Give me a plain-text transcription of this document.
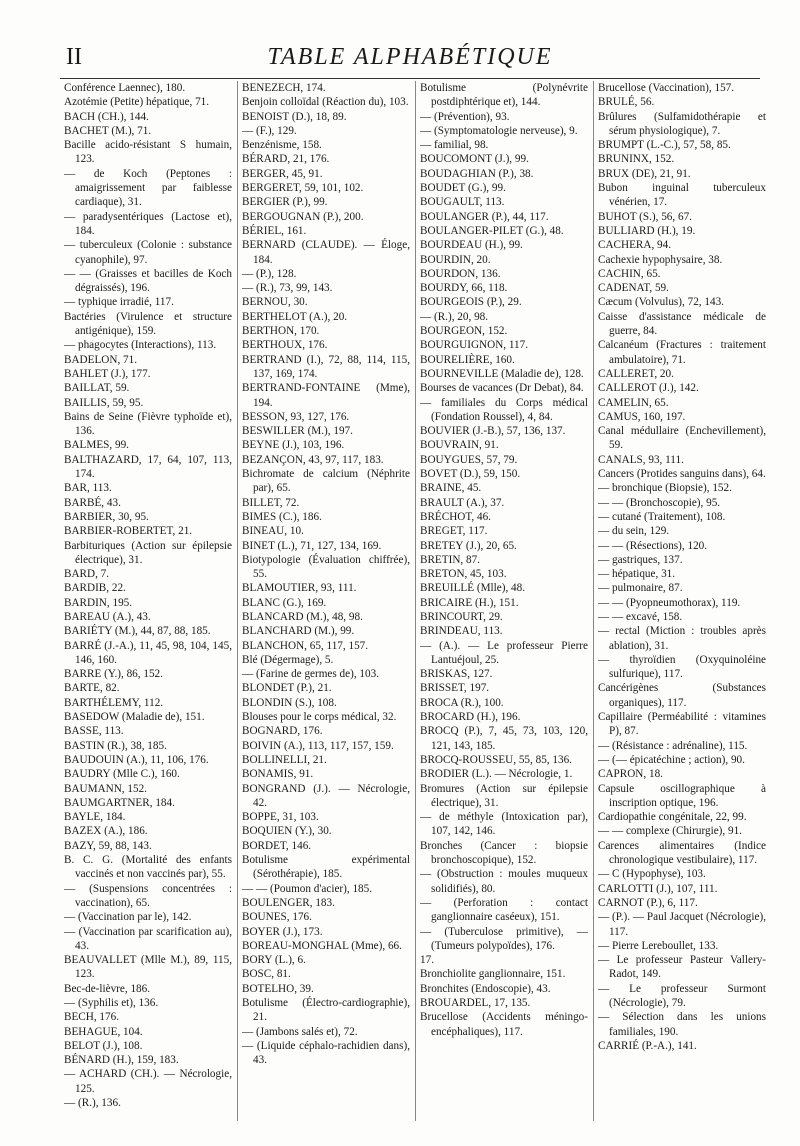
II	TABLE ALPHABÉTIQUE

Conférence Laennec), 180.

Azotémie (Petite) hépatique, 71.

BACH (CH.), 144.

BACHET (M.), 71.

Bacille acido-résistant S humain, 123.

— de Koch (Peptones : amaigrissement par faiblesse cardiaque), 31.

— paradysentériques (Lactose et), 184.

— tuberculeux (Colonie : substance cyanophile), 97.

— — (Graisses et bacilles de Koch dégraissés), 196.

— typhique irradié, 117.

Bactéries (Virulence et structure antigénique), 159.

— phagocytes (Interactions), 113.

BADELON, 71.

BAHLET (J.), 177.

BAILLAT, 59.

BAILLIS, 59, 95.

Bains de Seine (Fièvre typhoïde et), 136.

BALMES, 99.

BALTHAZARD, 17, 64, 107, 113, 174.

BAR, 113.

BARBÉ, 43.

BARBIER, 30, 95.

BARBIER-ROBERTET, 21.

Barbituriques (Action sur épilepsie électrique), 31.

BARD, 7.

BARDIB, 22.

BARDIN, 195.

BAREAU (A.), 43.

BARIÉTY (M.), 44, 87, 88, 185.

BARRÉ (J.-A.), 11, 45, 98, 104, 145, 146, 160.

BARRE (Y.), 86, 152.

BARTE, 82.

BARTHÉLEMY, 112.

BASEDOW (Maladie de), 151.

BASSE, 113.

BASTIN (R.), 38, 185.

BAUDOUIN (A.), 11, 106, 176.

BAUDRY (Mlle C.), 160.

BAUMANN, 152.

BAUMGARTNER, 184.

BAYLE, 184.

BAZEX (A.), 186.

BAZY, 59, 88, 143.

B. C. G. (Mortalité des enfants vaccinés et non vaccinés par), 55.

— (Suspensions concentrées : vaccination), 65.

— (Vaccination par le), 142.

— (Vaccination par scarification au), 43.

BEAUVALLET (Mlle M.), 89, 115, 123.

Bec-de-lièvre, 186.

— (Syphilis et), 136.

BECH, 176.

BEHAGUE, 104.

BELOT (J.), 108.

BÉNARD (H.), 159, 183.

— ACHARD (CH.). — Nécrologie, 125.

— (R.), 136.

BENEZECH, 174.

Benjoin colloïdal (Réaction du), 103.

BENOIST (D.), 18, 89.

— (F.), 129.

Benzénisme, 158.

BÉRARD, 21, 176.

BERGER, 45, 91.

BERGERET, 59, 101, 102.

BERGIER (P.), 99.

BERGOUGNAN (P.), 200.

BÉRIEL, 161.

BERNARD (CLAUDE). — Éloge, 184.

— (P.), 128.

— (R.), 73, 99, 143.

BERNOU, 30.

BERTHELOT (A.), 20.

BERTHON, 170.

BERTHOUX, 176.

BERTRAND (I.), 72, 88, 114, 115, 137, 169, 174.

BERTRAND-FONTAINE (Mme), 194.

BESSON, 93, 127, 176.

BESWILLER (M.), 197.

BEYNE (J.), 103, 196.

BEZANÇON, 43, 97, 117, 183.

Bichromate de calcium (Néphrite par), 65.

BILLET, 72.

BIMES (C.), 186.

BINEAU, 10.

BINET (L.), 71, 127, 134, 169.

Biotypologie (Évaluation chiffrée), 55.

BLAMOUTIER, 93, 111.

BLANC (G.), 169.

BLANCARD (M.), 48, 98.

BLANCHARD (M.), 99.

BLANCHON, 65, 117, 157.

Blé (Dégermage), 5.

— (Farine de germes de), 103.

BLONDET (P.), 21.

BLONDIN (S.), 108.

Blouses pour le corps médical, 32.

BOGNARD, 176.

BOIVIN (A.), 113, 117, 157, 159.

BOLLINELLI, 21.

BONAMIS, 91.

BONGRAND (J.). — Nécrologie, 42.

BOPPE, 31, 103.

BOQUIEN (Y.), 30.

BORDET, 146.

Botulisme expérimental (Sérothérapie), 185.

— — (Poumon d'acier), 185.

BOULENGER, 183.

BOUNES, 176.

BOYER (J.), 173.

BOREAU-MONGHAL (Mme), 66.

BORY (L.), 6.

BOSC, 81.

BOTELHO, 39.

Botulisme (Électro-cardiographie), 21.

— (Jambons salés et), 72.

— (Liquide céphalo-rachidien dans), 43.

Botulisme (Polynévrite postdiphtérique et), 144.

— (Prévention), 93.

— (Symptomatologie nerveuse), 9.

— familial, 98.

BOUCOMONT (J.), 99.

BOUDAGHIAN (P.), 38.

BOUDET (G.), 99.

BOUGAULT, 113.

BOULANGER (P.), 44, 117.

BOULANGER-PILET (G.), 48.

BOURDEAU (H.), 99.

BOURDIN, 20.

BOURDON, 136.

BOURDY, 66, 118.

BOURGEOIS (P.), 29.

— (R.), 20, 98.

BOURGEON, 152.

BOURGUIGNON, 117.

BOURELIÈRE, 160.

BOURNEVILLE (Maladie de), 128.

Bourses de vacances (Dr Debat), 84.

— familiales du Corps médical (Fondation Roussel), 4, 84.

BOUVIER (J.-B.), 57, 136, 137.

BOUVRAIN, 91.

BOUYGUES, 57, 79.

BOVET (D.), 59, 150.

BRAINE, 45.

BRAULT (A.), 37.

BRÉCHOT, 46.

BREGET, 117.

BRETEY (J.), 20, 65.

BRETIN, 87.

BRETON, 45, 103.

BREUILLÉ (Mlle), 48.

BRICAIRE (H.), 151.

BRINCOURT, 29.

BRINDEAU, 113.

— (A.). — Le professeur Pierre Lantuéjoul, 25.

BRISKAS, 127.

BRISSET, 197.

BROCA (R.), 100.

BROCARD (H.), 196.

BROCQ (P.), 7, 45, 73, 103, 120, 121, 143, 185.

BROCQ-ROUSSEU, 55, 85, 136.

BRODIER (L.). — Nécrologie, 1.

Bromures (Action sur épilepsie électrique), 31.

— de méthyle (Intoxication par), 107, 142, 146.

Bronches (Cancer : biopsie bronchoscopique), 152.

— (Obstruction : moules muqueux solidifiés), 80.

— (Perforation : contact ganglionnaire caséeux), 151.

— (Tuberculose primitive), — (Tumeurs polypoïdes), 176.

17.

Bronchiolite ganglionnaire, 151.

Bronchites (Endoscopie), 43.

BROUARDEL, 17, 135.

Brucellose (Accidents méningo-encéphaliques), 117.

Brucellose (Vaccination), 157.

BRULÉ, 56.

Brûlures (Sulfamidothérapie et sérum physiologique), 7.

BRUMPT (L.-C.), 57, 58, 85.

BRUNINX, 152.

BRUX (DE), 21, 91.

Bubon inguinal tuberculeux vénérien, 17.

BUHOT (S.), 56, 67.

BULLIARD (H.), 19.

CACHERA, 94.

Cachexie hypophysaire, 38.

CACHIN, 65.

CADENAT, 59.

Cæcum (Volvulus), 72, 143.

Caisse d'assistance médicale de guerre, 84.

Calcanéum (Fractures : traitement ambulatoire), 71.

CALLERET, 20.

CALLEROT (J.), 142.

CAMELIN, 65.

CAMUS, 160, 197.

Canal médullaire (Enchevillement), 59.

CANALS, 93, 111.

Cancers (Protides sanguins dans), 64.

— bronchique (Biopsie), 152.

— — (Bronchoscopie), 95.

— cutané (Traitement), 108.

— du sein, 129.

— — (Résections), 120.

— gastriques, 137.

— hépatique, 31.

— pulmonaire, 87.

— — (Pyopneumothorax), 119.

— — excavé, 158.

— rectal (Miction : troubles après ablation), 31.

— thyroïdien (Oxyquinoléine sulfurique), 117.

Cancérigènes (Substances organiques), 117.

Capillaire (Perméabilité : vitamines P), 87.

— (Résistance : adrénaline), 115.

— (— épicatéchine ; action), 90.

CAPRON, 18.

Capsule oscillographique à inscription optique, 196.

Cardiopathie congénitale, 22, 99.

— — complexe (Chirurgie), 91.

Carences alimentaires (Indice chronologique vestibulaire), 117.

— C (Hypophyse), 103.

CARLOTTI (J.), 107, 111.

CARNOT (P.), 6, 117.

— (P.). — Paul Jacquet (Nécrologie), 117.

— Pierre Lereboullet, 133.

— Le professeur Pasteur Vallery-Radot, 149.

— Le professeur Surmont (Nécrologie), 79.

— Sélection dans les unions familiales, 190.

CARRIÉ (P.-A.), 141.
